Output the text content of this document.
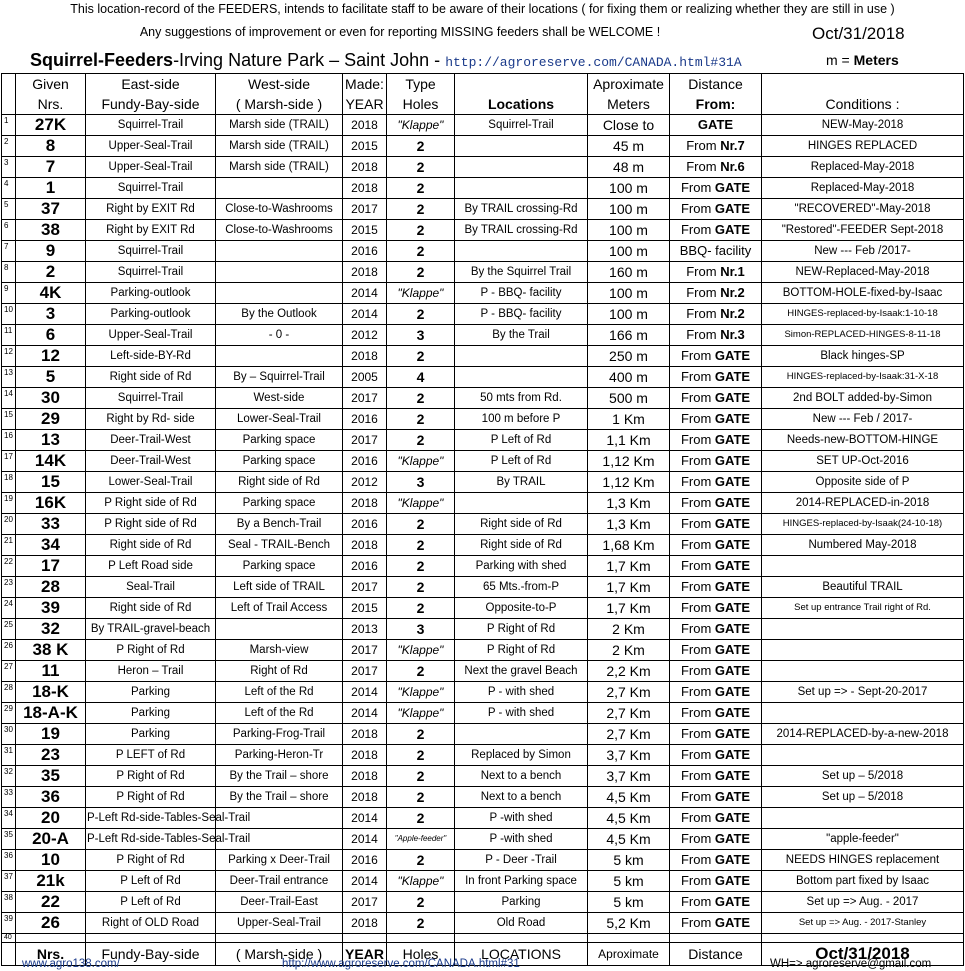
This location-record of the FEEDERS, intends to facilitate staff to be aware of their locations ( for fixing them or realizing whether they are still in use )
Any suggestions of improvement or even for reporting MISSING feeders shall be WELCOME !	Oct/31/2018
Squirrel-Feeders-Irving Nature Park – Saint John - http://agroreserve.com/CANADA.html#31A	m = Meters
	Given	East-side	West-side	Made:	Type		Aproximate	Distance	
	Nrs.	Fundy-Bay-side	( Marsh-side )	YEAR	Holes	Locations	Meters	From:	Conditions :
1	27K	Squirrel-Trail	Marsh side (TRAIL)	2018	"Klappe"	Squirrel-Trail	Close to	GATE	NEW-May-2018
2	8	Upper-Seal-Trail	Marsh side (TRAIL)	2015	2		45 m	From Nr.7	HINGES REPLACED
3	7	Upper-Seal-Trail	Marsh side (TRAIL)	2018	2		48 m	From Nr.6	Replaced-May-2018
4	1	Squirrel-Trail		2018	2		100 m	From GATE	Replaced-May-2018
5	37	Right by EXIT Rd	Close-to-Washrooms	2017	2	By TRAIL crossing-Rd	100 m	From GATE	"RECOVERED"-May-2018
6	38	Right by EXIT Rd	Close-to-Washrooms	2015	2	By TRAIL crossing-Rd	100 m	From GATE	"Restored"-FEEDER Sept-2018
7	9	Squirrel-Trail		2016	2		100 m	BBQ- facility	New --- Feb /2017-
8	2	Squirrel-Trail		2018	2	By the Squirrel Trail	160 m	From Nr.1	NEW-Replaced-May-2018
9	4K	Parking-outlook		2014	"Klappe"	P - BBQ- facility	100 m	From Nr.2	BOTTOM-HOLE-fixed-by-Isaac
10	3	Parking-outlook	By the Outlook	2014	2	P - BBQ- facility	100 m	From Nr.2	HINGES-replaced-by-Isaak:1-10-18
11	6	Upper-Seal-Trail	- 0 -	2012	3	By the Trail	166 m	From Nr.3	Simon-REPLACED-HINGES-8-11-18
12	12	Left-side-BY-Rd		2018	2		250 m	From GATE	Black hinges-SP
13	5	Right side of Rd	By – Squirrel-Trail	2005	4		400 m	From GATE	HINGES-replaced-by-Isaak:31-X-18
14	30	Squirrel-Trail	West-side	2017	2	50 mts from Rd.	500 m	From GATE	2nd BOLT added-by-Simon
15	29	Right by Rd- side	Lower-Seal-Trail	2016	2	100 m before P	1 Km	From GATE	New --- Feb / 2017-
16	13	Deer-Trail-West	Parking space	2017	2	P Left of Rd	1,1 Km	From GATE	Needs-new-BOTTOM-HINGE
17	14K	Deer-Trail-West	Parking space	2016	"Klappe"	P Left of Rd	1,12 Km	From GATE	SET UP-Oct-2016
18	15	Lower-Seal-Trail	Right side of Rd	2012	3	By TRAIL	1,12 Km	From GATE	Opposite side of P
19	16K	P Right side of Rd	Parking space	2018	"Klappe"		1,3 Km	From GATE	2014-REPLACED-in-2018
20	33	P Right side of Rd	By a Bench-Trail	2016	2	Right side of Rd	1,3 Km	From GATE	HINGES-replaced-by-Isaak(24-10-18)
21	34	Right side of Rd	Seal - TRAIL-Bench	2018	2	Right side of Rd	1,68 Km	From GATE	Numbered May-2018
22	17	P Left Road side	Parking space	2016	2	Parking with shed	1,7 Km	From GATE	
23	28	Seal-Trail	Left side of TRAIL	2017	2	65 Mts.-from-P	1,7 Km	From GATE	Beautiful TRAIL
24	39	Right side of Rd	Left of Trail Access	2015	2	Opposite-to-P	1,7 Km	From GATE	Set up entrance Trail right of Rd.
25	32	By TRAIL-gravel-beach		2013	3	P Right of Rd	2 Km	From GATE	
26	38 K	P Right of Rd	Marsh-view	2017	"Klappe"	P Right of Rd	2 Km	From GATE	
27	11	Heron – Trail	Right of Rd	2017	2	Next the gravel Beach	2,2 Km	From GATE	
28	18-K	Parking	Left of the Rd	2014	"Klappe"	P - with shed	2,7 Km	From GATE	Set up => - Sept-20-2017
29	18-A-K	Parking	Left of the Rd	2014	"Klappe"	P - with shed	2,7 Km	From GATE	
30	19	Parking	Parking-Frog-Trail	2018	2		2,7 Km	From GATE	2014-REPLACED-by-a-new-2018
31	23	P LEFT of Rd	Parking-Heron-Tr	2018	2	Replaced by Simon	3,7 Km	From GATE	
32	35	P Right of Rd	By the Trail – shore	2018	2	Next to a bench	3,7 Km	From GATE	Set up – 5/2018
33	36	P Right of Rd	By the Trail – shore	2018	2	Next to a bench	4,5 Km	From GATE	Set up – 5/2018
34	20	P-Left Rd-side-Tables-Seal-Trail		2014	2	P -with shed	4,5 Km	From GATE	
35	20-A	P-Left Rd-side-Tables-Seal-Trail		2014	"Apple-feeder"	P -with shed	4,5 Km	From GATE	"apple-feeder"
36	10	P Right of Rd	Parking x Deer-Trail	2016	2	P - Deer -Trail	5 km	From GATE	NEEDS HINGES replacement
37	21k	P Left of Rd	Deer-Trail entrance	2014	"Klappe"	In front Parking space	5 km	From GATE	Bottom part fixed by Isaac
38	22	P Left of Rd	Deer-Trail-East	2017	2	Parking	5 km	From GATE	Set up => Aug. - 2017
39	26	Right of OLD Road	Upper-Seal-Trail	2018	2	Old Road	5,2 Km	From GATE	Set up => Aug. - 2017-Stanley
40									
	Nrs.	Fundy-Bay-side	( Marsh-side )	YEAR	Holes	LOCATIONS	Aproximate	Distance	Oct/31/2018
www.agro138.com/	http://www.agroreserve.com/CANADA.html#31	WH=> agroreserve@gmail.com
